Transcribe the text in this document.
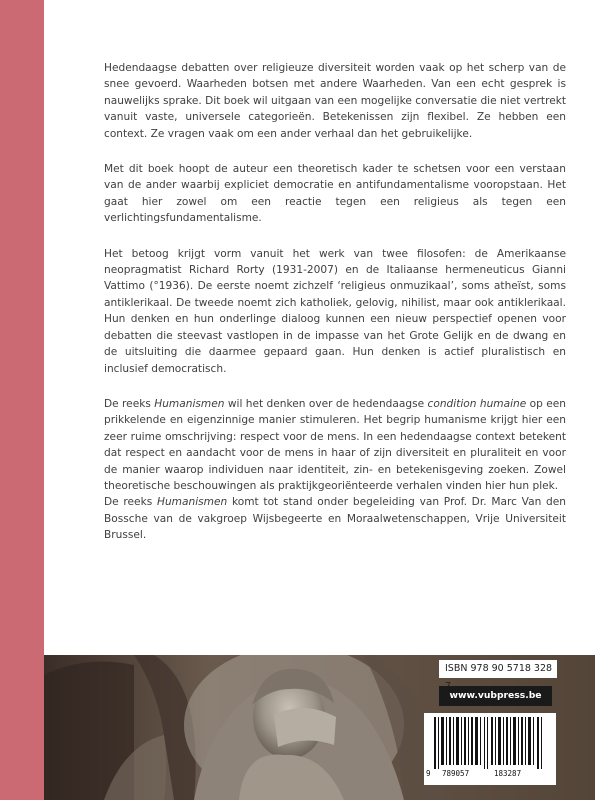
Hedendaagse debatten over religieuze diversiteit worden vaak op het scherp van de snee gevoerd. Waarheden botsen met andere Waarheden. Van een echt gesprek is nauwelijks sprake. Dit boek wil uitgaan van een mogelijke conversatie die niet vertrekt vanuit vaste, universele categorieën. Betekenissen zijn flexibel. Ze hebben een context. Ze vragen vaak om een ander verhaal dan het gebruikelijke.

Met dit boek hoopt de auteur een theoretisch kader te schetsen voor een verstaan van de ander waarbij expliciet democratie en antifundamentalisme vooropstaan. Het gaat hier zowel om een reactie tegen een religieus als tegen een verlichtingsfundamentalisme.

Het betoog krijgt vorm vanuit het werk van twee filosofen: de Amerikaanse neopragmatist Richard Rorty (1931-2007) en de Italiaanse hermeneuticus Gianni Vattimo (°1936). De eerste noemt zichzelf ‘religieus onmuzikaal’, soms atheïst, soms antiklerikaal. De tweede noemt zich katholiek, gelovig, nihilist, maar ook antiklerikaal. Hun denken en hun onderlinge dialoog kunnen een nieuw perspectief openen voor debatten die steevast vastlopen in de impasse van het Grote Gelijk en de dwang en de uitsluiting die daarmee gepaard gaan. Hun denken is actief pluralistisch en inclusief democratisch.

De reeks Humanismen wil het denken over de hedendaagse condition humaine op een prikkelende en eigenzinnige manier stimuleren. Het begrip humanisme krijgt hier een zeer ruime omschrijving: respect voor de mens. In een hedendaagse context betekent dat respect en aandacht voor de mens in haar of zijn diversiteit en pluraliteit en voor de manier waarop individuen naar identiteit, zin- en betekenisgeving zoeken. Zowel theoretische beschouwingen als praktijkgeoriënteerde verhalen vinden hier hun plek.
De reeks Humanismen komt tot stand onder begeleiding van Prof. Dr. Marc Van den Bossche van de vakgroep Wijsbegeerte en Moraalwetenschappen, Vrije Universiteit Brussel.

ISBN 978 90 5718 328
www.vubpress.be
9 789057	183287
